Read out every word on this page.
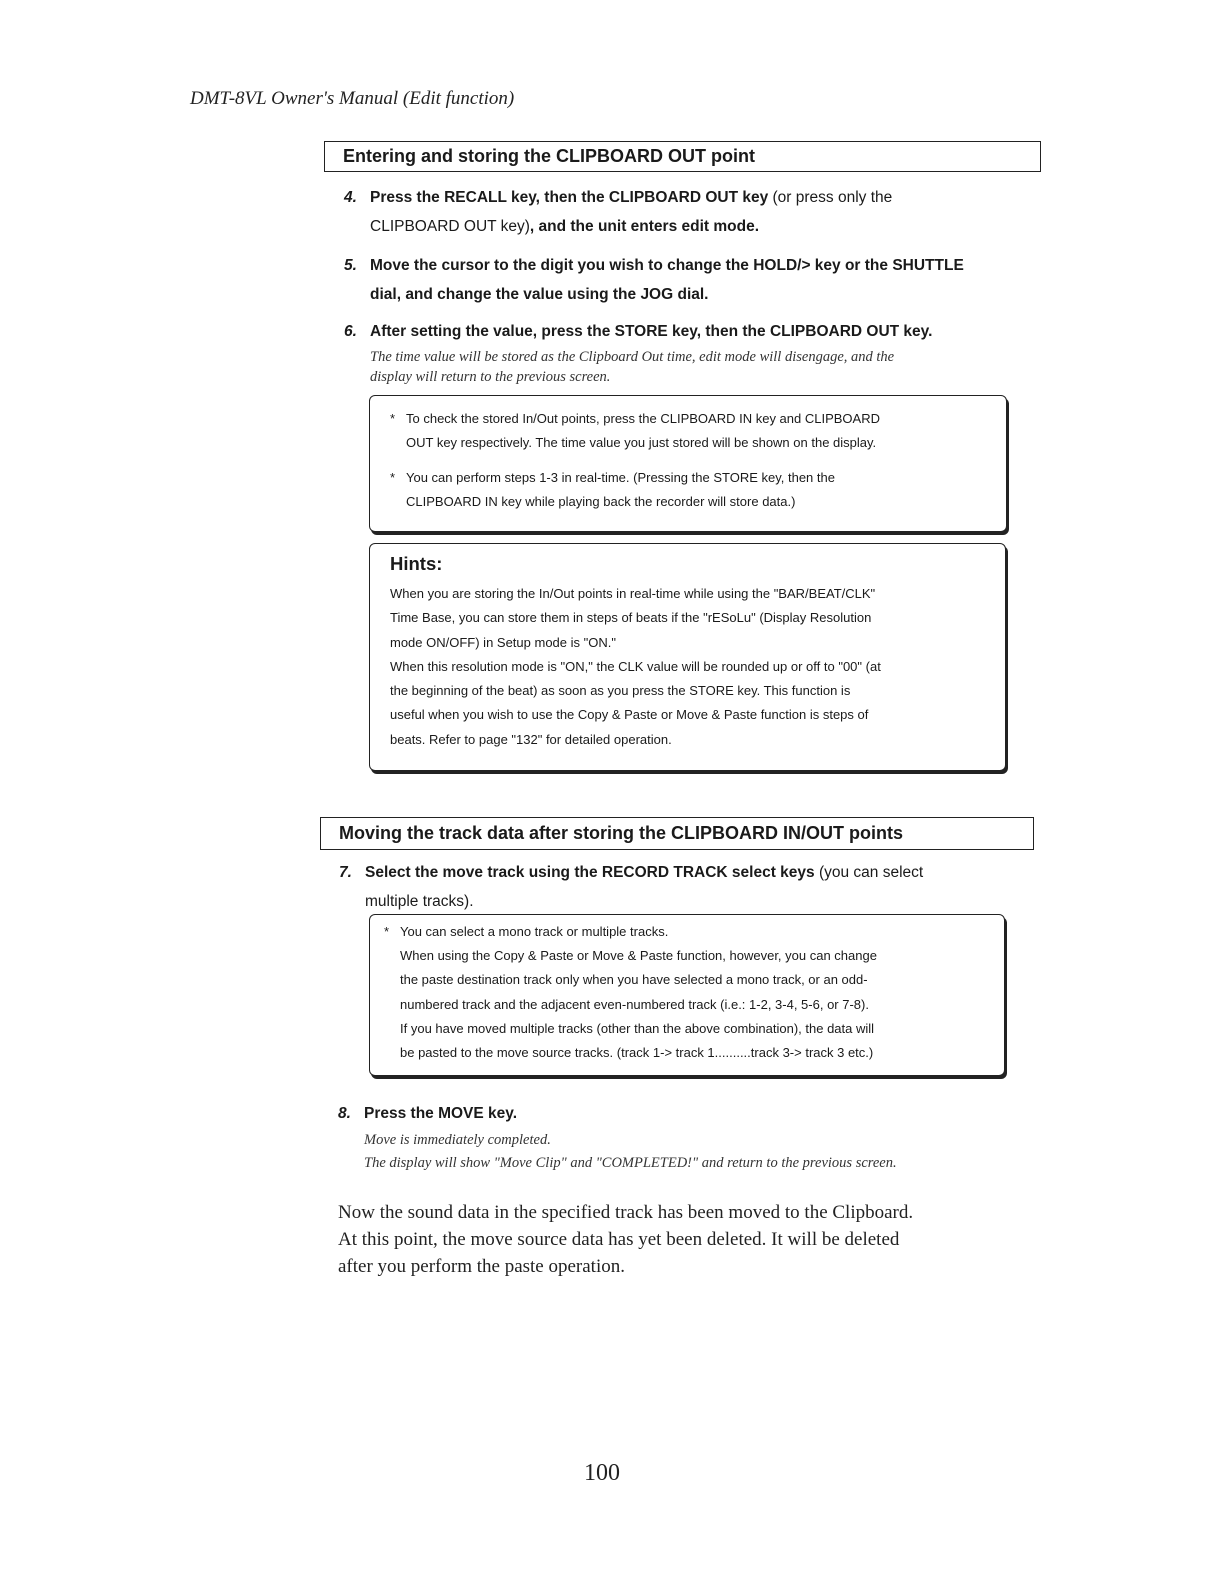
DMT-8VL Owner's Manual (Edit function)
Entering and storing the CLIPBOARD OUT point
4. Press the RECALL key, then the CLIPBOARD OUT key (or press only the
CLIPBOARD OUT key), and the unit enters edit mode.
5. Move the cursor to the digit you wish to change the HOLD/> key or the SHUTTLE
dial, and change the value using the JOG dial.
6. After setting the value, press the STORE key, then the CLIPBOARD OUT key.
The time value will be stored as the Clipboard Out time, edit mode will disengage, and the
display will return to the previous screen.
* To check the stored In/Out points, press the CLIPBOARD IN key and CLIPBOARD
OUT key respectively. The time value you just stored will be shown on the display.
* You can perform steps 1-3 in real-time. (Pressing the STORE key, then the
CLIPBOARD IN key while playing back the recorder will store data.)
Hints:
When you are storing the In/Out points in real-time while using the "BAR/BEAT/CLK"
Time Base, you can store them in steps of beats if the "rESoLu" (Display Resolution
mode ON/OFF) in Setup mode is "ON."
When this resolution mode is "ON," the CLK value will be rounded up or off to "00" (at
the beginning of the beat) as soon as you press the STORE key. This function is
useful when you wish to use the Copy & Paste or Move & Paste function is steps of
beats. Refer to page "132" for detailed operation.
Moving the track data after storing the CLIPBOARD IN/OUT points
7. Select the move track using the RECORD TRACK select keys (you can select
multiple tracks).
* You can select a mono track or multiple tracks.
When using the Copy & Paste or Move & Paste function, however, you can change
the paste destination track only when you have selected a mono track, or an odd-
numbered track and the adjacent even-numbered track (i.e.: 1-2, 3-4, 5-6, or 7-8).
If you have moved multiple tracks (other than the above combination), the data will
be pasted to the move source tracks. (track 1-> track 1..........track 3-> track 3 etc.)
8. Press the MOVE key.
Move is immediately completed.
The display will show "Move Clip" and "COMPLETED!" and return to the previous screen.
Now the sound data in the specified track has been moved to the Clipboard.
At this point, the move source data has yet been deleted. It will be deleted
after you perform the paste operation.
100
